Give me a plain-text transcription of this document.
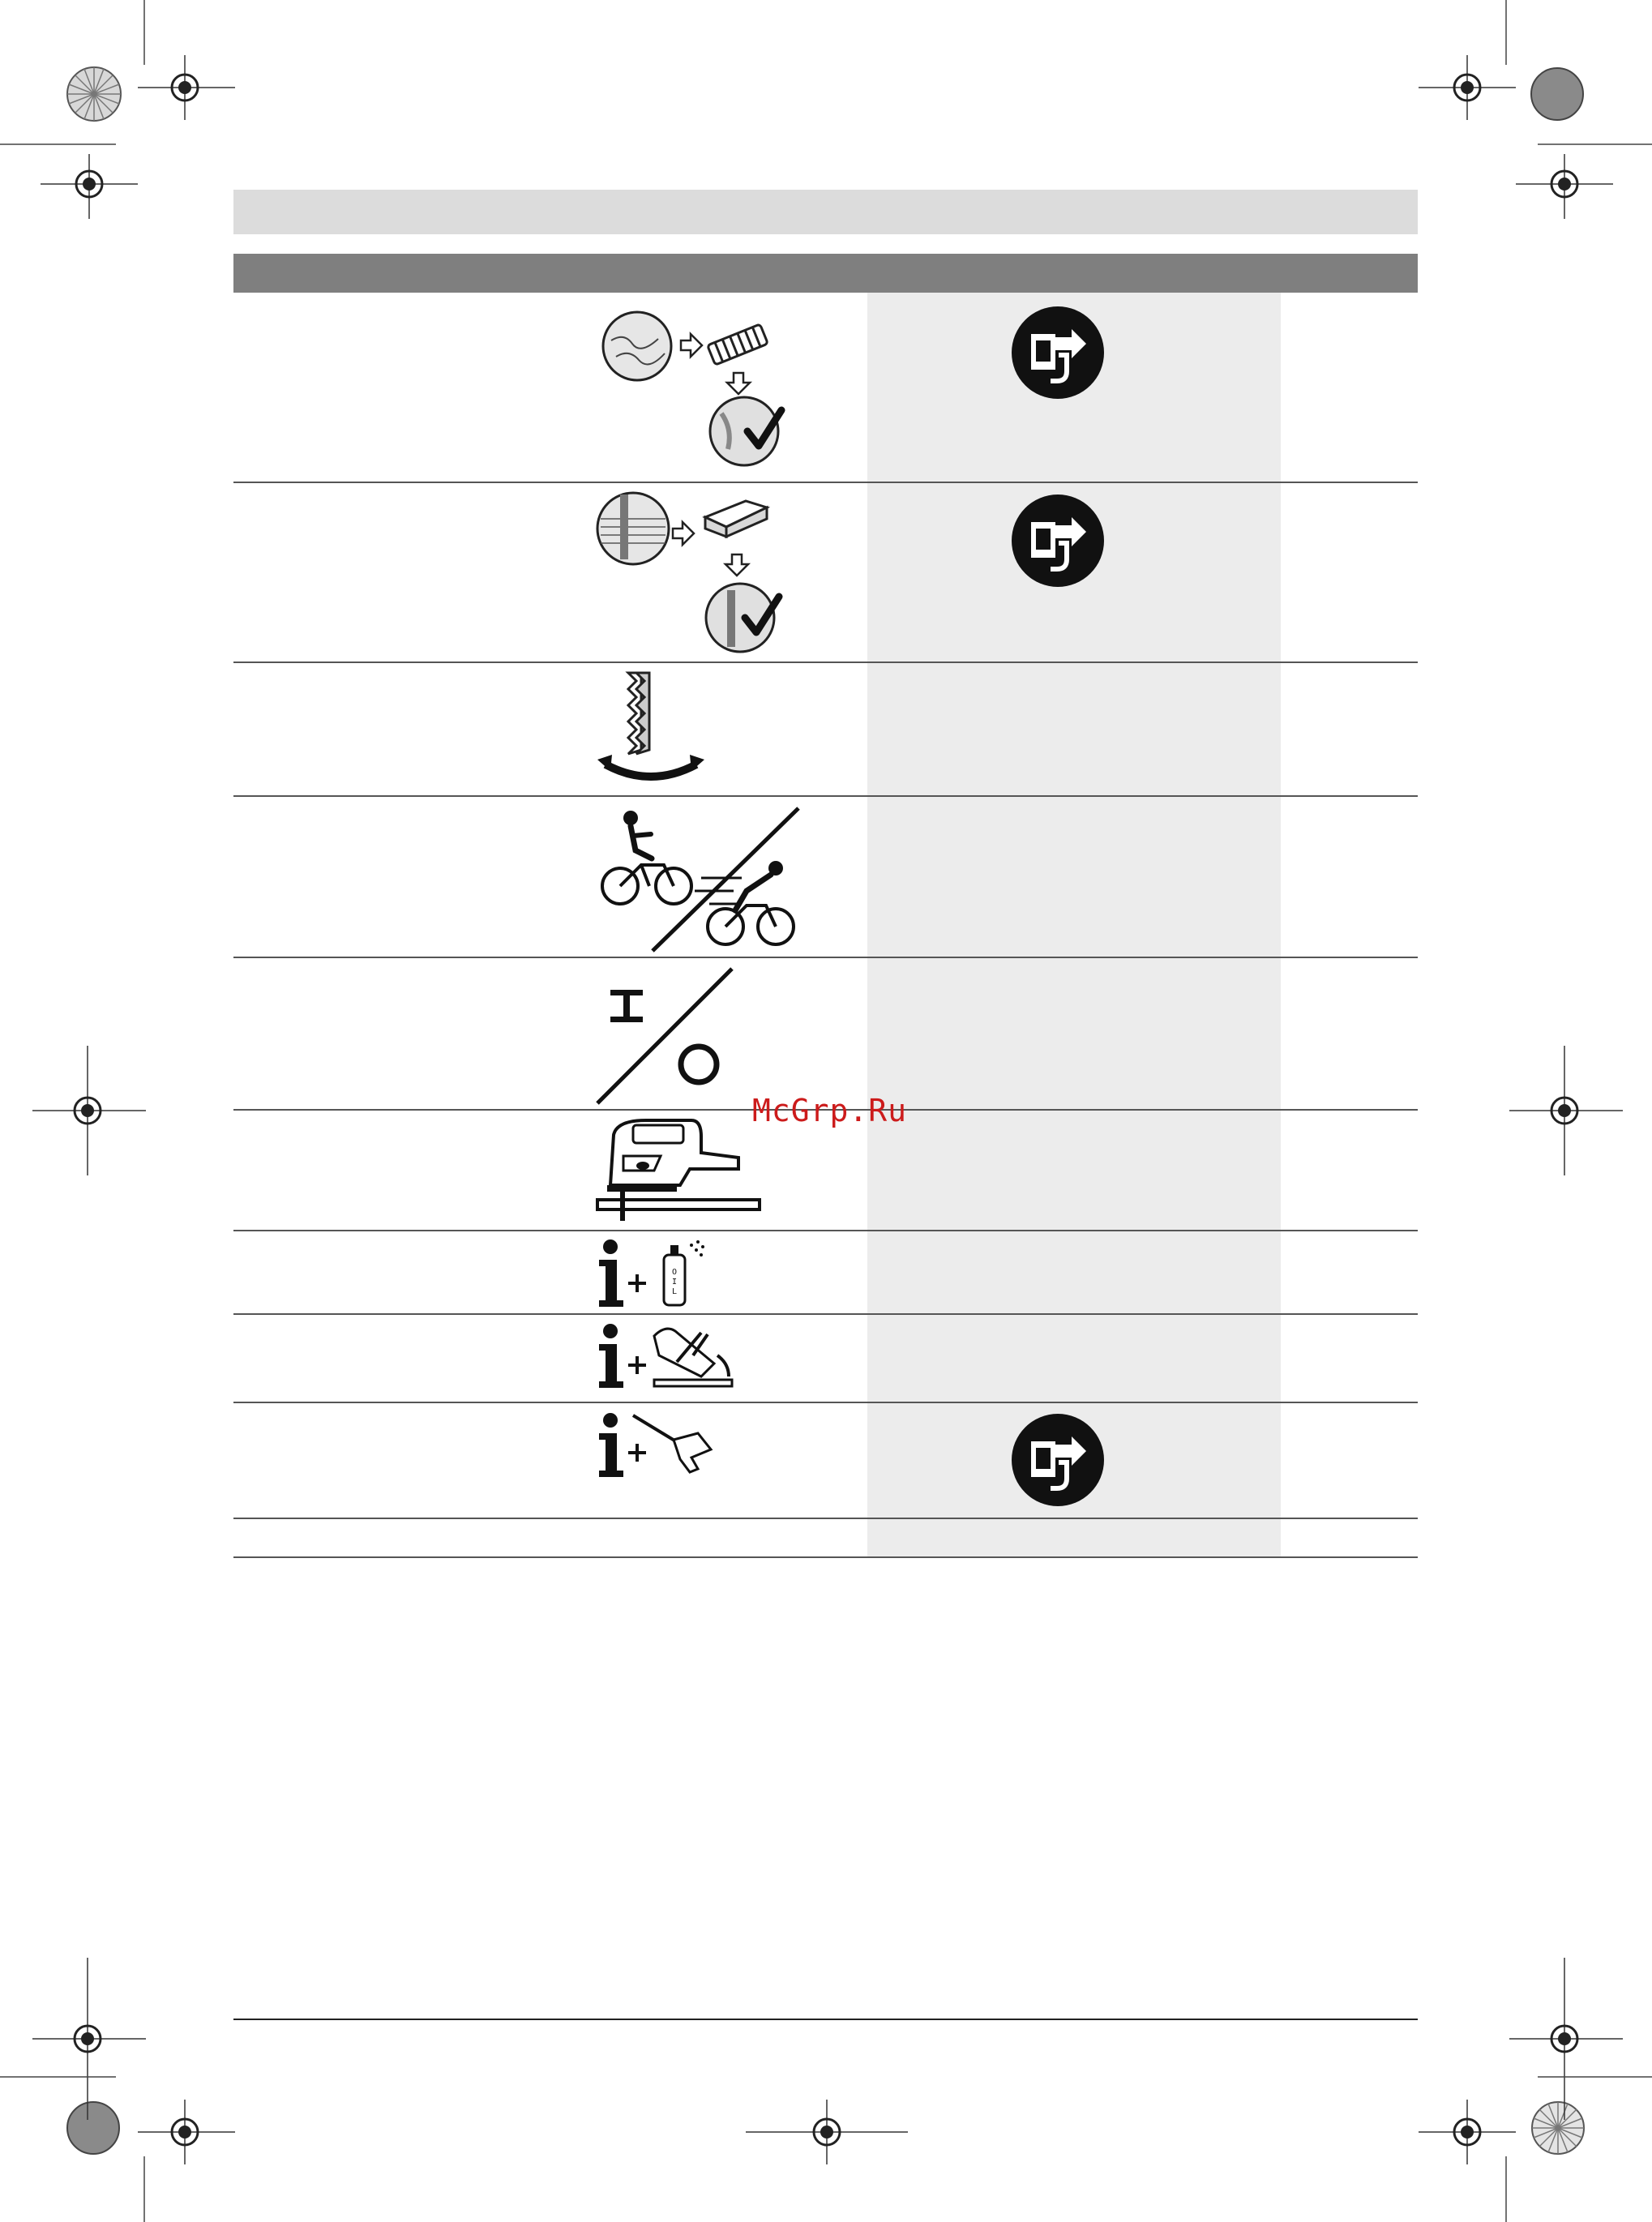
McGrp.Ru
O
I
L
